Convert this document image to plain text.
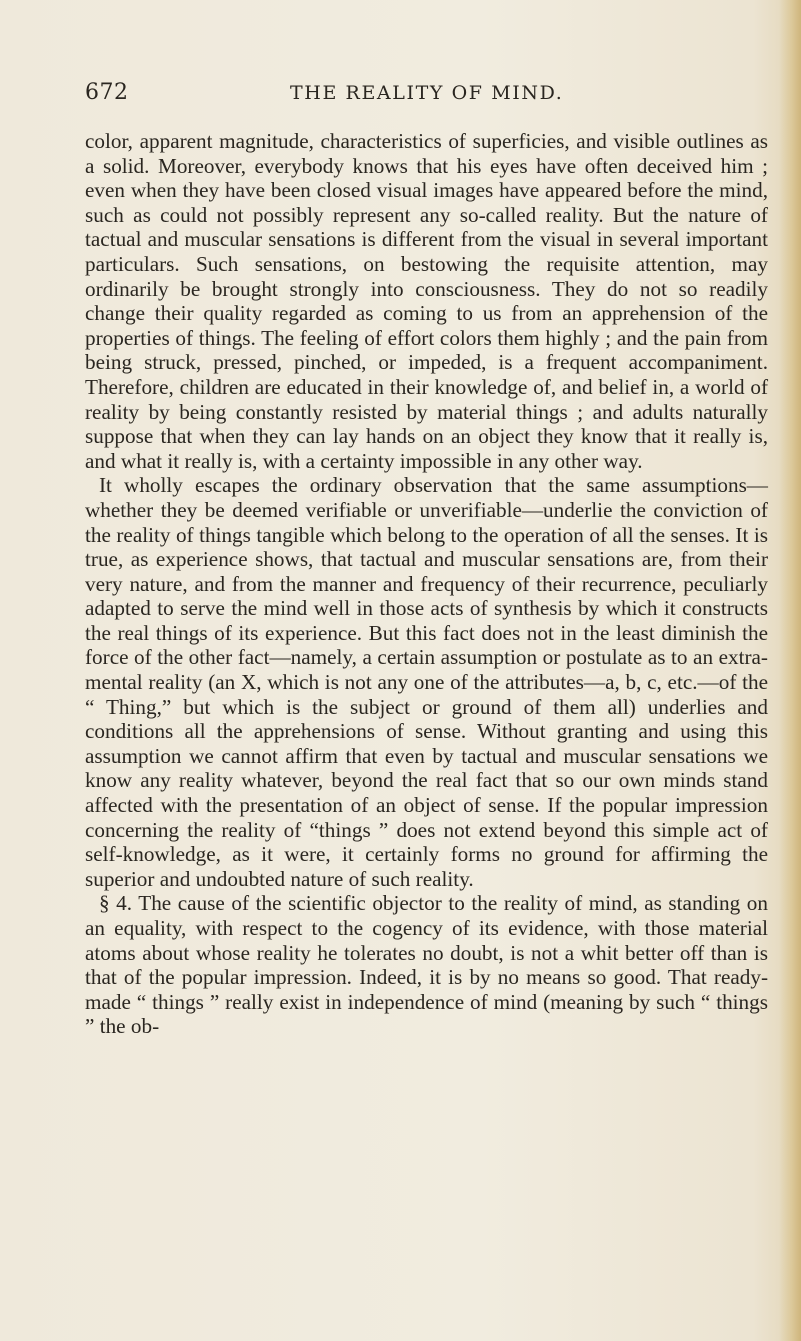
672	THE REALITY OF MIND.

color, apparent magnitude, characteristics of superficies, and visible outlines as a solid. Moreover, everybody knows that his eyes have often deceived him ; even when they have been closed visual images have appeared before the mind, such as could not possibly represent any so-called reality. But the nature of tactual and muscular sensations is different from the visual in several important particulars. Such sensations, on bestowing the requisite attention, may ordinarily be brought strongly into consciousness. They do not so readily change their quality regarded as coming to us from an apprehension of the properties of things. The feeling of effort colors them highly ; and the pain from being struck, pressed, pinched, or impeded, is a frequent accompaniment. Therefore, children are educated in their knowledge of, and belief in, a world of reality by being constantly resisted by material things ; and adults naturally suppose that when they can lay hands on an object they know that it really is, and what it really is, with a certainty impossible in any other way.

It wholly escapes the ordinary observation that the same assumptions—whether they be deemed verifiable or unverifiable—underlie the conviction of the reality of things tangible which belong to the operation of all the senses. It is true, as experience shows, that tactual and muscular sensations are, from their very nature, and from the manner and frequency of their recurrence, peculiarly adapted to serve the mind well in those acts of synthesis by which it constructs the real things of its experience. But this fact does not in the least diminish the force of the other fact—namely, a certain assumption or postulate as to an extra-mental reality (an X, which is not any one of the attributes—a, b, c, etc.—of the “ Thing,” but which is the subject or ground of them all) underlies and conditions all the apprehensions of sense. Without granting and using this assumption we cannot affirm that even by tactual and muscular sensations we know any reality whatever, beyond the real fact that so our own minds stand affected with the presentation of an object of sense. If the popular impression concerning the reality of “things ” does not extend beyond this simple act of self-knowledge, as it were, it certainly forms no ground for affirming the superior and undoubted nature of such reality.

§ 4. The cause of the scientific objector to the reality of mind, as standing on an equality, with respect to the cogency of its evidence, with those material atoms about whose reality he tolerates no doubt, is not a whit better off than is that of the popular impression. Indeed, it is by no means so good. That ready-made “ things ” really exist in independence of mind (meaning by such “ things ” the ob-
